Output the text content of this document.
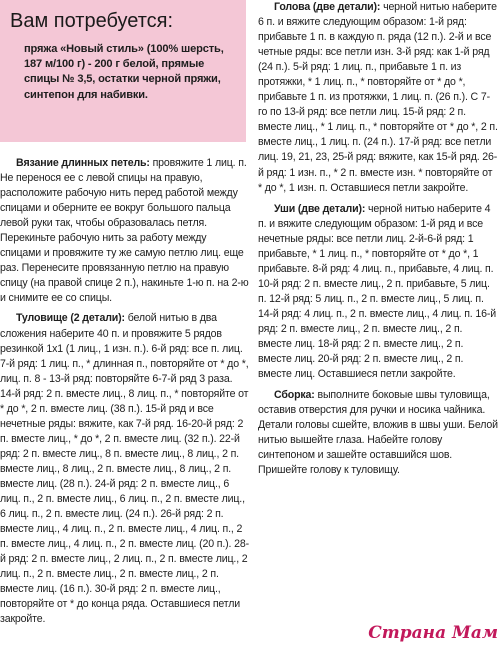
Вам потребуется:
пряжа «Новый стиль» (100% шерсть, 187 м/100 г) - 200 г белой, прямые спицы № 3,5, остатки черной пряжи, синтепон для набивки.

Вязание длинных петель: провяжите 1 лиц. п. Не перенося ее с левой спицы на правую, расположите рабочую нить перед работой между спицами и оберните ее вокруг большого пальца левой руки так, чтобы образовалась петля. Перекиньте рабочую нить за работу между спицами и провяжите ту же самую петлю лиц. еще раз. Перенесите провязанную петлю на правую спицу (на правой спице 2 п.), накиньте 1-ю п. на 2-ю и снимите ее со спицы.

Туловище (2 детали): белой нитью в два сложения наберите 40 п. и провяжите 5 рядов резинкой 1х1 (1 лиц., 1 изн. п.). 6-й ряд: все п. лиц. 7-й ряд: 1 лиц. п., * длинная п., повторяйте от * до *, лиц. п. 8 - 13-й ряд: повторяйте 6-7-й ряд 3 раза. 14-й ряд: 2 п. вместе лиц., 8 лиц. п., * повторяйте от * до *, 2 п. вместе лиц. (38 п.). 15-й ряд и все нечетные ряды: вяжите, как 7-й ряд. 16-20-й ряд: 2 п. вместе лиц., * до *, 2 п. вместе лиц. (32 п.). 22-й ряд: 2 п. вместе лиц., 8 п. вместе лиц., 8 лиц., 2 п. вместе лиц., 8 лиц., 2 п. вместе лиц., 8 лиц., 2 п. вместе лиц. (28 п.). 24-й ряд: 2 п. вместе лиц., 6 лиц. п., 2 п. вместе лиц., 6 лиц. п., 2 п. вместе лиц., 6 лиц. п., 2 п. вместе лиц. (24 п.). 26-й ряд: 2 п. вместе лиц., 4 лиц. п., 2 п. вместе лиц., 4 лиц. п., 2 п. вместе лиц., 4 лиц. п., 2 п. вместе лиц. (20 п.). 28-й ряд: 2 п. вместе лиц., 2 лиц. п., 2 п. вместе лиц., 2 лиц. п., 2 п. вместе лиц., 2 п. вместе лиц., 2 п. вместе лиц. (16 п.). 30-й ряд: 2 п. вместе лиц., повторяйте от * до конца ряда. Оставшиеся петли закройте.

Голова (две детали): черной нитью наберите 6 п. и вяжите следующим образом: 1-й ряд: прибавьте 1 п. в каждую п. ряда (12 п.). 2-й и все четные ряды: все петли изн. 3-й ряд: как 1-й ряд (24 п.). 5-й ряд: 1 лиц. п., прибавьте 1 п. из протяжки, * 1 лиц. п., * повторяйте от * до *, прибавьте 1 п. из протяжки, 1 лиц. п. (26 п.). С 7-го по 13-й ряд: все петли лиц. 15-й ряд: 2 п. вместе лиц., * 1 лиц. п., * повторяйте от * до *, 2 п. вместе лиц., 1 лиц. п. (24 п.). 17-й ряд: все петли лиц. 19, 21, 23, 25-й ряд: вяжите, как 15-й ряд. 26-й ряд: 1 изн. п., * 2 п. вместе изн. * повторяйте от * до *, 1 изн. п. Оставшиеся петли закройте.

Уши (две детали): черной нитью наберите 4 п. и вяжите следующим образом: 1-й ряд и все нечетные ряды: все петли лиц. 2-й-6-й ряд: 1 прибавьте, * 1 лиц. п., * повторяйте от * до *, 1 прибавьте. 8-й ряд: 4 лиц. п., прибавьте, 4 лиц. п. 10-й ряд: 2 п. вместе лиц., 2 п. прибавьте, 5 лиц. п. 12-й ряд: 5 лиц. п., 2 п. вместе лиц., 5 лиц. п. 14-й ряд: 4 лиц. п., 2 п. вместе лиц., 4 лиц. п. 16-й ряд: 2 п. вместе лиц., 2 п. вместе лиц., 2 п. вместе лиц. 18-й ряд: 2 п. вместе лиц., 2 п. вместе лиц. 20-й ряд: 2 п. вместе лиц., 2 п. вместе лиц. Оставшиеся петли закройте.

Сборка: выполните боковые швы туловища, оставив отверстия для ручки и носика чайника. Детали головы сшейте, вложив в швы уши. Белой нитью вышейте глаза. Набейте голову синтепоном и зашейте оставшийся шов. Пришейте голову к туловищу.

Страна Мам
